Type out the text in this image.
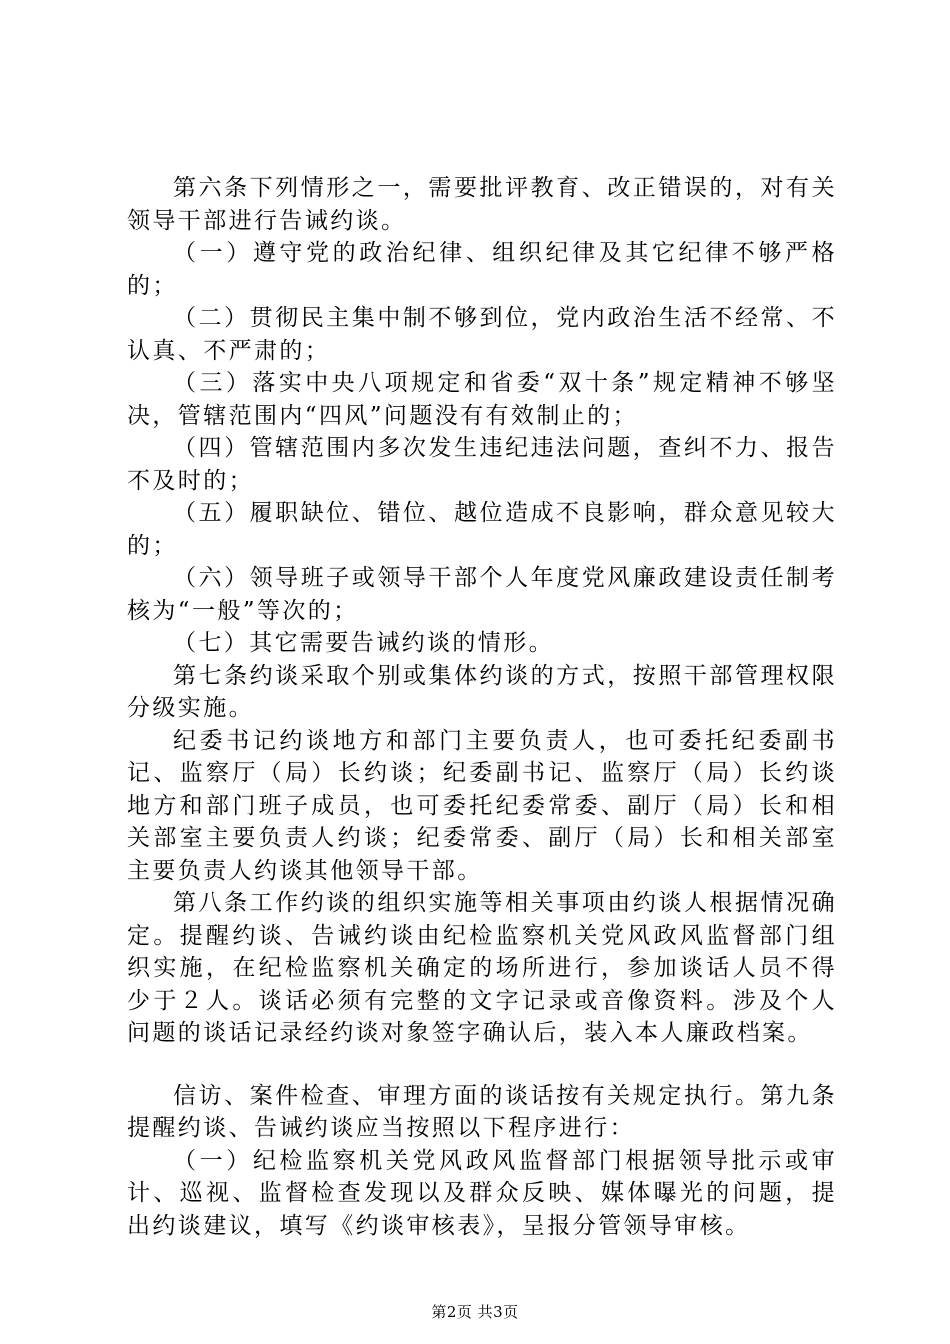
第六条下列情形之一，需要批评教育、改正错误的，对有关领导干部进行告诫约谈。

（一）遵守党的政治纪律、组织纪律及其它纪律不够严格的；

（二）贯彻民主集中制不够到位，党内政治生活不经常、不认真、不严肃的；

（三）落实中央八项规定和省委“双十条”规定精神不够坚决，管辖范围内“四风”问题没有有效制止的；

（四）管辖范围内多次发生违纪违法问题，查纠不力、报告不及时的；

（五）履职缺位、错位、越位造成不良影响，群众意见较大的；

（六）领导班子或领导干部个人年度党风廉政建设责任制考核为“一般”等次的；

（七）其它需要告诫约谈的情形。

第七条约谈采取个别或集体约谈的方式，按照干部管理权限分级实施。

纪委书记约谈地方和部门主要负责人，也可委托纪委副书记、监察厅（局）长约谈；纪委副书记、监察厅（局）长约谈地方和部门班子成员，也可委托纪委常委、副厅（局）长和相关部室主要负责人约谈；纪委常委、副厅（局）长和相关部室主要负责人约谈其他领导干部。

第八条工作约谈的组织实施等相关事项由约谈人根据情况确定。提醒约谈、告诫约谈由纪检监察机关党风政风监督部门组织实施，在纪检监察机关确定的场所进行，参加谈话人员不得少于２人。谈话必须有完整的文字记录或音像资料。涉及个人问题的谈话记录经约谈对象签字确认后，装入本人廉政档案。

信访、案件检查、审理方面的谈话按有关规定执行。第九条提醒约谈、告诫约谈应当按照以下程序进行：

（一）纪检监察机关党风政风监督部门根据领导批示或审计、巡视、监督检查发现以及群众反映、媒体曝光的问题，提出约谈建议，填写《约谈审核表》，呈报分管领导审核。

第2页 共3页
